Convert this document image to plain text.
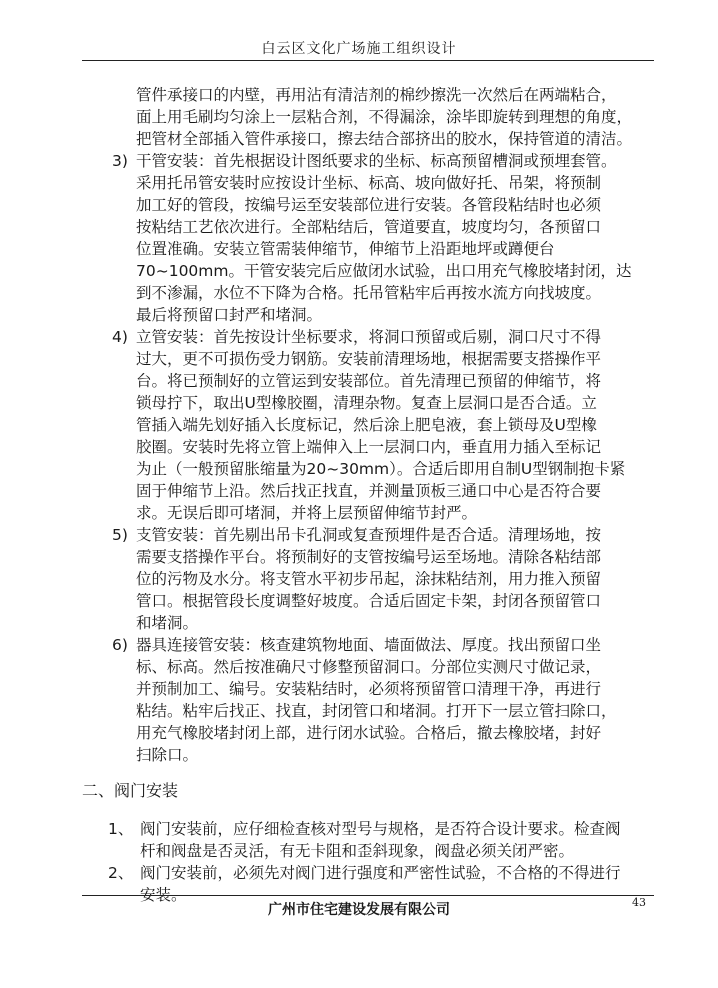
白云区文化广场施工组织设计
管件承接口的内壁，再用沾有清洁剂的棉纱擦洗一次然后在两端粘合，
面上用毛刷均匀涂上一层粘合剂，不得漏涂，涂毕即旋转到理想的角度，
把管材全部插入管件承接口，擦去结合部挤出的胶水，保持管道的清洁。
3) 干管安装：首先根据设计图纸要求的坐标、标高预留槽洞或预埋套管。
采用托吊管安装时应按设计坐标、标高、坡向做好托、吊架，将预制
加工好的管段，按编号运至安装部位进行安装。各管段粘结时也必须
按粘结工艺依次进行。全部粘结后，管道要直，坡度均匀，各预留口
位置准确。安装立管需装伸缩节，伸缩节上沿距地坪或蹲便台
70~100mm。干管安装完后应做闭水试验，出口用充气橡胶堵封闭，达
到不渗漏，水位不下降为合格。托吊管粘牢后再按水流方向找坡度。
最后将预留口封严和堵洞。
4) 立管安装：首先按设计坐标要求，将洞口预留或后剔，洞口尺寸不得
过大，更不可损伤受力钢筋。安装前清理场地，根据需要支搭操作平
台。将已预制好的立管运到安装部位。首先清理已预留的伸缩节，将
锁母拧下，取出U型橡胶圈，清理杂物。复查上层洞口是否合适。立
管插入端先划好插入长度标记，然后涂上肥皂液，套上锁母及U型橡
胶圈。安装时先将立管上端伸入上一层洞口内，垂直用力插入至标记
为止（一般预留胀缩量为20~30mm）。合适后即用自制U型钢制抱卡紧
固于伸缩节上沿。然后找正找直，并测量顶板三通口中心是否符合要
求。无误后即可堵洞，并将上层预留伸缩节封严。
5) 支管安装：首先剔出吊卡孔洞或复查预埋件是否合适。清理场地，按
需要支搭操作平台。将预制好的支管按编号运至场地。清除各粘结部
位的污物及水分。将支管水平初步吊起，涂抹粘结剂，用力推入预留
管口。根据管段长度调整好坡度。合适后固定卡架，封闭各预留管口
和堵洞。
6) 器具连接管安装：核查建筑物地面、墙面做法、厚度。找出预留口坐
标、标高。然后按准确尺寸修整预留洞口。分部位实测尺寸做记录，
并预制加工、编号。安装粘结时，必须将预留管口清理干净，再进行
粘结。粘牢后找正、找直，封闭管口和堵洞。打开下一层立管扫除口，
用充气橡胶堵封闭上部，进行闭水试验。合格后，撤去橡胶堵，封好
扫除口。
二、阀门安装
1、 阀门安装前，应仔细检查核对型号与规格，是否符合设计要求。检查阀
杆和阀盘是否灵活，有无卡阻和歪斜现象，阀盘必须关闭严密。
2、 阀门安装前，必须先对阀门进行强度和严密性试验，不合格的不得进行
安装。
广州市住宅建设发展有限公司	43
